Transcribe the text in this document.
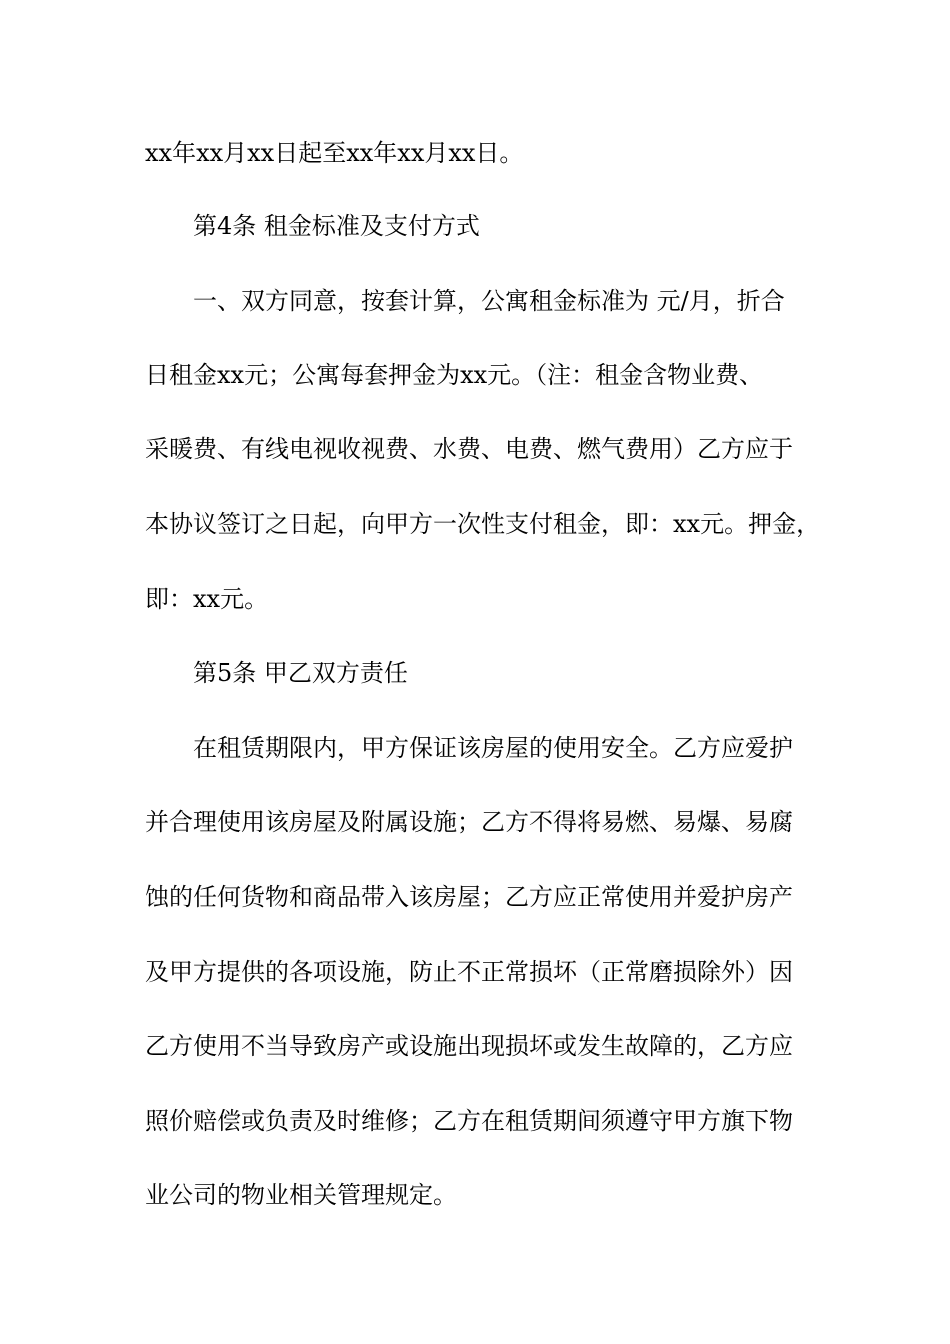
xx年xx月xx日起至xx年xx月xx日。
第4条 租金标准及支付方式
一、双方同意，按套计算，公寓租金标准为 元/月，折合
日租金xx元；公寓每套押金为xx元。（注：租金含物业费、
采暖费、有线电视收视费、水费、电费、燃气费用）乙方应于
本协议签订之日起，向甲方一次性支付租金，即：xx元。押金，
即：xx元。
第5条 甲乙双方责任
在租赁期限内，甲方保证该房屋的使用安全。乙方应爱护
并合理使用该房屋及附属设施；乙方不得将易燃、易爆、易腐
蚀的任何货物和商品带入该房屋；乙方应正常使用并爱护房产
及甲方提供的各项设施，防止不正常损坏（正常磨损除外）因
乙方使用不当导致房产或设施出现损坏或发生故障的，乙方应
照价赔偿或负责及时维修；乙方在租赁期间须遵守甲方旗下物
业公司的物业相关管理规定。
